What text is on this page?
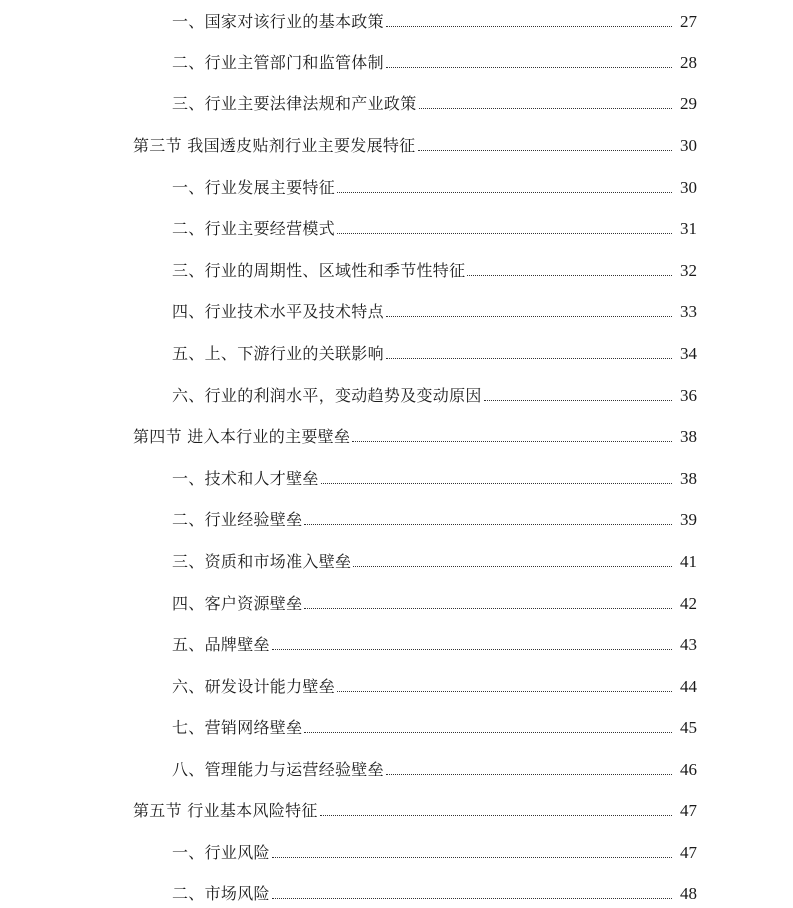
一、国家对该行业的基本政策	27
二、行业主管部门和监管体制	28
三、行业主要法律法规和产业政策	29
第三节 我国透皮贴剂行业主要发展特征	30
一、行业发展主要特征	30
二、行业主要经营模式	31
三、行业的周期性、区域性和季节性特征	32
四、行业技术水平及技术特点	33
五、上、下游行业的关联影响	34
六、行业的利润水平，变动趋势及变动原因	36
第四节 进入本行业的主要壁垒	38
一、技术和人才壁垒	38
二、行业经验壁垒	39
三、资质和市场准入壁垒	41
四、客户资源壁垒	42
五、品牌壁垒	43
六、研发设计能力壁垒	44
七、营销网络壁垒	45
八、管理能力与运营经验壁垒	46
第五节 行业基本风险特征	47
一、行业风险	47
二、市场风险	48
